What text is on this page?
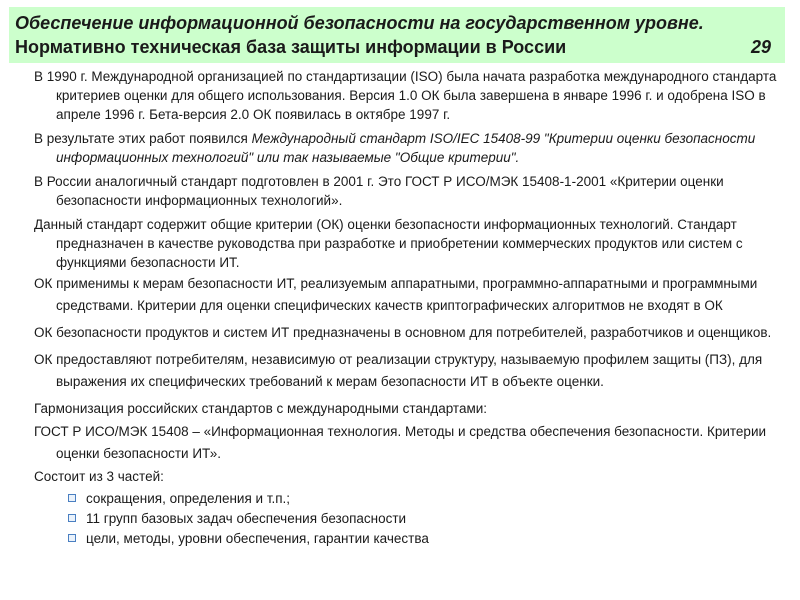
Обеспечение информационной безопасности на государственном уровне.
Нормативно техническая база защиты информации в России	29
В 1990 г. Международной организацией по стандартизации (ISO) была начата разработка международного стандарта критериев оценки для общего использования. Версия 1.0 ОК была завершена в январе 1996 г. и одобрена ISO в апреле 1996 г. Бета-версия 2.0 ОК появилась в октябре 1997 г.
В результате этих работ появился Международный стандарт ISO/IEC 15408-99 "Критерии оценки безопасности информационных технологий" или так называемые "Общие критерии".
В России аналогичный стандарт подготовлен в 2001 г. Это ГОСТ Р ИСО/МЭК 15408-1-2001 «Критерии оценки безопасности информационных технологий».
Данный стандарт содержит общие критерии (ОК) оценки безопасности информационных технологий. Стандарт предназначен в качестве руководства при разработке и приобретении коммерческих продуктов или систем с функциями безопасности ИТ.
ОК применимы к мерам безопасности ИТ, реализуемым аппаратными, программно-аппаратными и программными средствами. Критерии для оценки специфических качеств криптографических алгоритмов не входят в ОК
ОК безопасности продуктов и систем ИТ предназначены в основном для потребителей, разработчиков и оценщиков.
ОК предоставляют потребителям, независимую от реализации структуру, называемую профилем защиты (ПЗ), для выражения их специфических требований к мерам безопасности ИТ в объекте оценки.
Гармонизация российских стандартов с международными стандартами:
ГОСТ Р ИСО/МЭК 15408 – «Информационная технология. Методы и средства обеспечения безопасности. Критерии оценки безопасности ИТ».
Состоит из 3 частей:
сокращения, определения и т.п.;
11 групп базовых задач обеспечения безопасности
цели, методы, уровни обеспечения, гарантии качества
